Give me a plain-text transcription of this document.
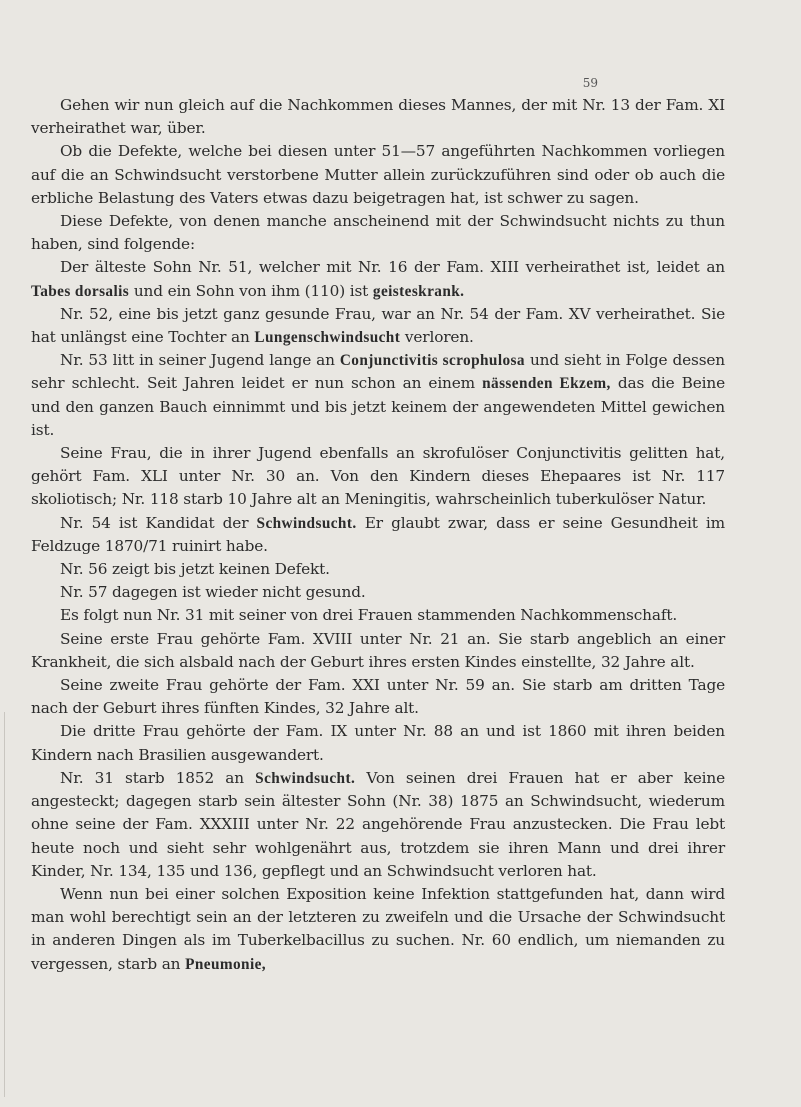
59

Gehen wir nun gleich auf die Nachkommen dieses Mannes, der mit Nr. 13 der Fam. XI verheirathet war, über.

Ob die Defekte, welche bei diesen unter 51—57 angeführten Nachkommen vorliegen auf die an Schwindsucht verstorbene Mutter allein zurückzuführen sind oder ob auch die erbliche Belastung des Vaters etwas dazu beigetragen hat, ist schwer zu sagen.

Diese Defekte, von denen manche anscheinend mit der Schwindsucht nichts zu thun haben, sind folgende:

Der älteste Sohn Nr. 51, welcher mit Nr. 16 der Fam. XIII verheirathet ist, leidet an Tabes dorsalis und ein Sohn von ihm (110) ist geisteskrank.

Nr. 52, eine bis jetzt ganz gesunde Frau, war an Nr. 54 der Fam. XV verheirathet. Sie hat unlängst eine Tochter an Lungenschwindsucht verloren.

Nr. 53 litt in seiner Jugend lange an Conjunctivitis scrophulosa und sieht in Folge dessen sehr schlecht. Seit Jahren leidet er nun schon an einem nässenden Ekzem, das die Beine und den ganzen Bauch einnimmt und bis jetzt keinem der angewendeten Mittel gewichen ist.

Seine Frau, die in ihrer Jugend ebenfalls an skrofulöser Conjunctivitis gelitten hat, gehört Fam. XLI unter Nr. 30 an. Von den Kindern dieses Ehepaares ist Nr. 117 skoliotisch; Nr. 118 starb 10 Jahre alt an Meningitis, wahrscheinlich tuberkulöser Natur.

Nr. 54 ist Kandidat der Schwindsucht. Er glaubt zwar, dass er seine Gesundheit im Feldzuge 1870/71 ruinirt habe.

Nr. 56 zeigt bis jetzt keinen Defekt.

Nr. 57 dagegen ist wieder nicht gesund.

Es folgt nun Nr. 31 mit seiner von drei Frauen stammenden Nachkommenschaft.

Seine erste Frau gehörte Fam. XVIII unter Nr. 21 an. Sie starb angeblich an einer Krankheit, die sich alsbald nach der Geburt ihres ersten Kindes einstellte, 32 Jahre alt.

Seine zweite Frau gehörte der Fam. XXI unter Nr. 59 an. Sie starb am dritten Tage nach der Geburt ihres fünften Kindes, 32 Jahre alt.

Die dritte Frau gehörte der Fam. IX unter Nr. 88 an und ist 1860 mit ihren beiden Kindern nach Brasilien ausgewandert.

Nr. 31 starb 1852 an Schwindsucht. Von seinen drei Frauen hat er aber keine angesteckt; dagegen starb sein ältester Sohn (Nr. 38) 1875 an Schwindsucht, wiederum ohne seine der Fam. XXXIII unter Nr. 22 angehörende Frau anzustecken. Die Frau lebt heute noch und sieht sehr wohlgenährt aus, trotzdem sie ihren Mann und drei ihrer Kinder, Nr. 134, 135 und 136, gepflegt und an Schwindsucht verloren hat.

Wenn nun bei einer solchen Exposition keine Infektion stattgefunden hat, dann wird man wohl berechtigt sein an der letzteren zu zweifeln und die Ursache der Schwindsucht in anderen Dingen als im Tuberkelbacillus zu suchen. Nr. 60 endlich, um niemanden zu vergessen, starb an Pneumonie,
